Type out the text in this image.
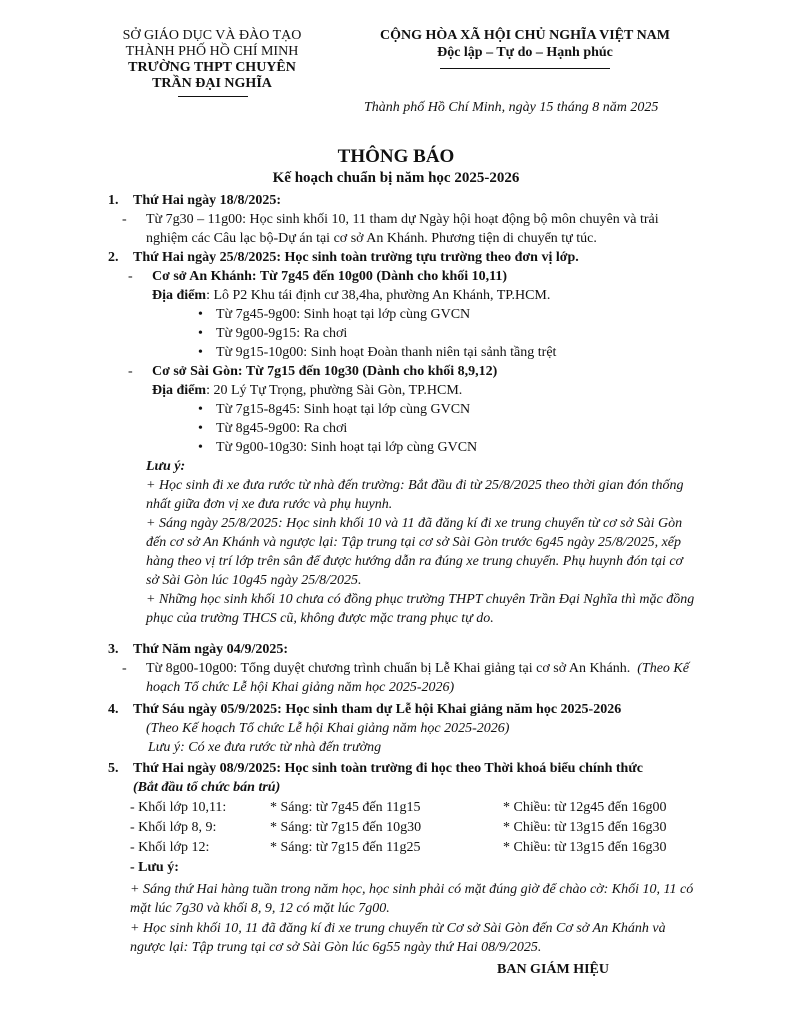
SỞ GIÁO DỤC VÀ ĐÀO TẠO
THÀNH PHỐ HỒ CHÍ MINH
TRƯỜNG THPT CHUYÊN
TRẦN ĐẠI NGHĨA
CỘNG HÒA XÃ HỘI CHỦ NGHĨA VIỆT NAM
Độc lập – Tự do – Hạnh phúc
Thành phố Hồ Chí Minh, ngày 15 tháng 8 năm 2025
THÔNG BÁO
Kế hoạch chuẩn bị năm học 2025-2026
1. Thứ Hai ngày 18/8/2025:
- Từ 7g30 – 11g00: Học sinh khối 10, 11 tham dự Ngày hội hoạt động bộ môn chuyên và trải
nghiệm các Câu lạc bộ-Dự án tại cơ sở An Khánh. Phương tiện di chuyển tự túc.
2. Thứ Hai ngày 25/8/2025: Học sinh toàn trường tựu trường theo đơn vị lớp.
- Cơ sở An Khánh: Từ 7g45 đến 10g00 (Dành cho khối 10,11)
Địa điểm: Lô P2 Khu tái định cư 38,4ha, phường An Khánh, TP.HCM.
• Từ 7g45-9g00: Sinh hoạt tại lớp cùng GVCN
• Từ 9g00-9g15: Ra chơi
• Từ 9g15-10g00: Sinh hoạt Đoàn thanh niên tại sảnh tầng trệt
- Cơ sở Sài Gòn: Từ 7g15 đến 10g30 (Dành cho khối 8,9,12)
Địa điểm: 20 Lý Tự Trọng, phường Sài Gòn, TP.HCM.
• Từ 7g15-8g45: Sinh hoạt tại lớp cùng GVCN
• Từ 8g45-9g00: Ra chơi
• Từ 9g00-10g30: Sinh hoạt tại lớp cùng GVCN
Lưu ý:
+ Học sinh đi xe đưa rước từ nhà đến trường: Bắt đầu đi từ 25/8/2025 theo thời gian đón thống
nhất giữa đơn vị xe đưa rước và phụ huynh.
+ Sáng ngày 25/8/2025: Học sinh khối 10 và 11 đã đăng kí đi xe trung chuyển từ cơ sở Sài Gòn
đến cơ sở An Khánh và ngược lại: Tập trung tại cơ sở Sài Gòn trước 6g45 ngày 25/8/2025, xếp
hàng theo vị trí lớp trên sân để được hướng dẫn ra đúng xe trung chuyển. Phụ huynh đón tại cơ
sở Sài Gòn lúc 10g45 ngày 25/8/2025.
+ Những học sinh khối 10 chưa có đồng phục trường THPT chuyên Trần Đại Nghĩa thì mặc đồng
phục của trường THCS cũ, không được mặc trang phục tự do.
3. Thứ Năm ngày 04/9/2025:
- Từ 8g00-10g00: Tổng duyệt chương trình chuẩn bị Lễ Khai giảng tại cơ sở An Khánh. (Theo Kế
hoạch Tổ chức Lễ hội Khai giảng năm học 2025-2026)
4. Thứ Sáu ngày 05/9/2025: Học sinh tham dự Lễ hội Khai giảng năm học 2025-2026
(Theo Kế hoạch Tổ chức Lễ hội Khai giảng năm học 2025-2026)
Lưu ý: Có xe đưa rước từ nhà đến trường
5. Thứ Hai ngày 08/9/2025: Học sinh toàn trường đi học theo Thời khoá biểu chính thức
(Bắt đầu tổ chức bán trú)
- Khối lớp 10,11:	* Sáng: từ 7g45 đến 11g15	* Chiều: từ 12g45 đến 16g00
- Khối lớp 8, 9:	* Sáng: từ 7g15 đến 10g30	* Chiều: từ 13g15 đến 16g30
- Khối lớp 12:	* Sáng: từ 7g15 đến 11g25	* Chiều: từ 13g15 đến 16g30
- Lưu ý:
+ Sáng thứ Hai hàng tuần trong năm học, học sinh phải có mặt đúng giờ để chào cờ: Khối 10, 11 có
mặt lúc 7g30 và khối 8, 9, 12 có mặt lúc 7g00.
+ Học sinh khối 10, 11 đã đăng kí đi xe trung chuyển từ Cơ sở Sài Gòn đến Cơ sở An Khánh và
ngược lại: Tập trung tại cơ sở Sài Gòn lúc 6g55 ngày thứ Hai 08/9/2025.
BAN GIÁM HIỆU
